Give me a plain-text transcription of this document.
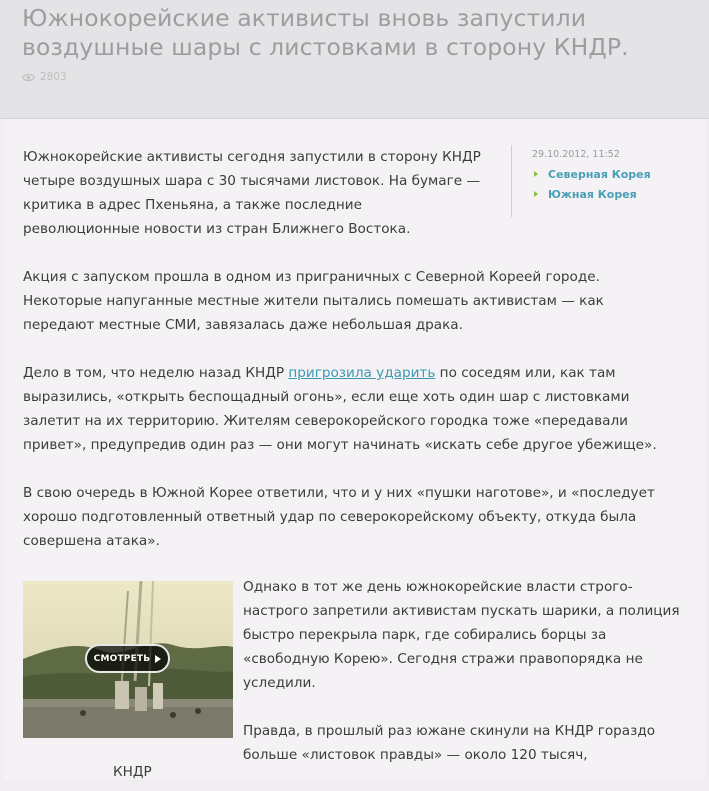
Южнокорейские активисты вновь запустили воздушные шары с листовками в сторону КНДР.
2803
29.10.2012, 11:52
Северная Корея
Южная Корея

Южнокорейские активисты сегодня запустили в сторону КНДР четыре воздушных шара с 30 тысячами листовок. На бумаге — критика в адрес Пхеньяна, а также последние революционные новости из стран Ближнего Востока.

Акция с запуском прошла в одном из приграничных с Северной Кореей городе. Некоторые напуганные местные жители пытались помешать активистам — как передают местные СМИ, завязалась даже небольшая драка.

Дело в том, что неделю назад КНДР пригрозила ударить по соседям или, как там выразились, «открыть беспощадный огонь», если еще хоть один шар с листовками залетит на их территорию. Жителям северокорейского городка тоже «передавали привет», предупредив один раз — они могут начинать «искать себе другое убежище».

В свою очередь в Южной Корее ответили, что и у них «пушки наготове», и «последует хорошо подготовленный ответный удар по северокорейскому объекту, откуда была совершена атака».

СМОТРЕТЬ

Однако в тот же день южнокорейские власти строго-настрого запретили активистам пускать шарики, а полиция быстро перекрыла парк, где собирались борцы за «свободную Корею». Сегодня стражи правопорядка не уследили.

Правда, в прошлый раз южане скинули на КНДР гораздо больше «листовок правды» — около 120 тысяч,

КНДР
